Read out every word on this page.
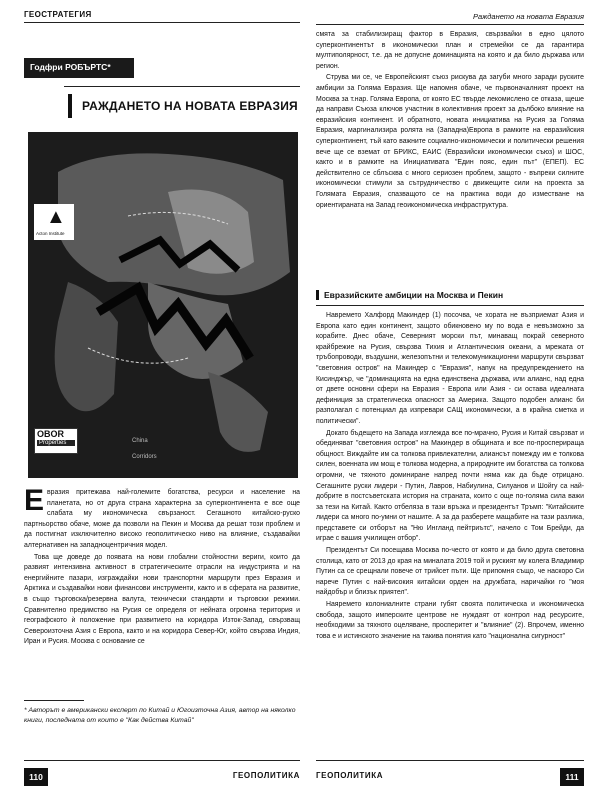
ГЕОСТРАТЕГИЯ
Годфри РОБЪРТС*
РАЖДАНЕТО НА НОВАТА ЕВРАЗИЯ
▲
Acton Institute
OBOR
Properties	China
Corridors

Евразия притежава най-големите богатства, ресурси и население на планетата, но от друга страна характерна за суперконтинента е все още слабата му икономическа свързаност. Сегашното китайско-руско партньорство обаче, може да позволи на Пекин и Москва да решат този проблем и да постигнат изключително високо геополитическо ниво на влияние, създавайки алтернативен на западноцентричния модел.

Това ще доведе до появата на нови глобални стойностни вериги, които да развият интензивна активност в стратегическите отрасли на индустрията и на енергийните пазари, изграждайки нови транспортни маршрути през Евразия и Арктика и създавайки нови финансови инструменти, както и в сферата на развитие, в също търговска/резервна валута, технически стандарти и търговски режими. Сравнително предимство на Русия се определя от нейната огромна територия и географското ѝ положение при развитието на коридора Изток-Запад, свързващ Североизточна Азия с Европа, както и на коридора Север-Юг, който свързва Индия, Иран и Русия. Москва с основание се

* Авторът е американски експерт по Китай и Югоизточна Азия, автор на няколко книги, последната от които е "Как действа Китай"
110	ГЕОПОЛИТИКА
Раждането на новата Евразия

смята за стабилизиращ фактор в Евразия, свързвайки в едно цялото суперконтинентът в икономически план и стремейки се да гарантира мултиполярност, т.е. да не допусне доминацията на която и да било държава или регион.

Струва ми се, че Европейският съюз рискува да загуби много заради руските амбиции за Голяма Евразия. Ще напомня обаче, че първоначалният проект на Москва за т.нар. Голяма Европа, от която ЕС твърде лекомислено се отказа, щеше да направи Съюза ключов участник в колективния проект за дълбоко влияние на евразийския континент. И обратното, новата инициатива на Русия за Голяма Евразия, маргинализира ролята на (Западна)Европа в рамките на евразийския суперконтинент, тъй като важните социално-икономически и политически решения вече ще се вземат от БРИКС, ЕАИС (Евразийски икономически съюз) и ШОС, както и в рамките на Инициативата "Един пояс, един път" (ЕПЕП). ЕС действително се сблъсква с много сериозен проблем, защото - въпреки силните икономически стимули за сътрудничество с движещите сили на проекта за Голямата Евразия, спазващото се на практика води до изместване на ориентираната на Запад геоикономическа инфраструктура.

Евразийските амбиции на Москва и Пекин

Навремето Халфорд Макиндер (1) посочва, че хората не възприемат Азия и Европа като един континент, защото обикновено му по вода е невъзможно за корабите. Днес обаче, Северният морски път, минаващ покрай северното крайбрежие на Русия, свързва Тихия и Атлантическия океани, а мрежата от тръбопроводи, въздушни, железопътни и телекомуникационни маршрути свързват "световния остров" на Макиндер с "Евразия", напук на предупреждението на Кисинджър, че "доминацията на една единствена държава, или алианс, над една от двете основни сфери на Евразия - Европа или Азия - си остава идеалната дефиниция за стратегическа опасност за Америка. Защото подобен алианс би разполагал с потенциал да изпревари САЩ икономически, а в крайна сметка и политически".

Докато бъдещето на Запада изглежда все по-мрачно, Русия и Китай свързват и обединяват "световния остров" на Макиндер в общината и все по-просперираща общност. Виждайте им са толкова привлекателни, алиансът помежду им е толкова силен, военната им мощ е толкова модерна, а природните им богатства са толкова огромни, че тяхното доминиране напред почти няма как да бъде отрицано. Сегашните руски лидери - Путин, Лавров, Набиулина, Силуанов и Шойгу са най-добрите в постсъветската история на страната, които с още по-голяма сила важи за тези на Китай. Както отбеляза в тази връзка и президентът Тръмп: "Китайските лидери са много по-умни от нашите. А за да разберете мащабите на тази разлика, представете си отборът на "Ню Ингланд пейтриътс", начело с Том Брейди, да играе с вашия училищен отбор".

Президентът Си посещава Москва по-често от която и да било друга световна столица, като от 2013 до края на миналата 2019 той и руският му колега Владимир Путин са се срещнали повече от трийсет пъти. Ще припомня също, че наскоро Си нарече Путин с най-високия китайски орден на дружбата, наричайки го "моя найдобър и близък приятел".

Наяремето колониалните страни губят своята политическа и икономическа свобода, защото имперските центрове не нуждаят от контрол над ресурсите, необходими за тяхното оцеляване, просперитет и "влияние" (2). Впрочем, именно това е и истинското значение на такива понятия като "национална сигурност"

ГЕОПОЛИТИКА	111
